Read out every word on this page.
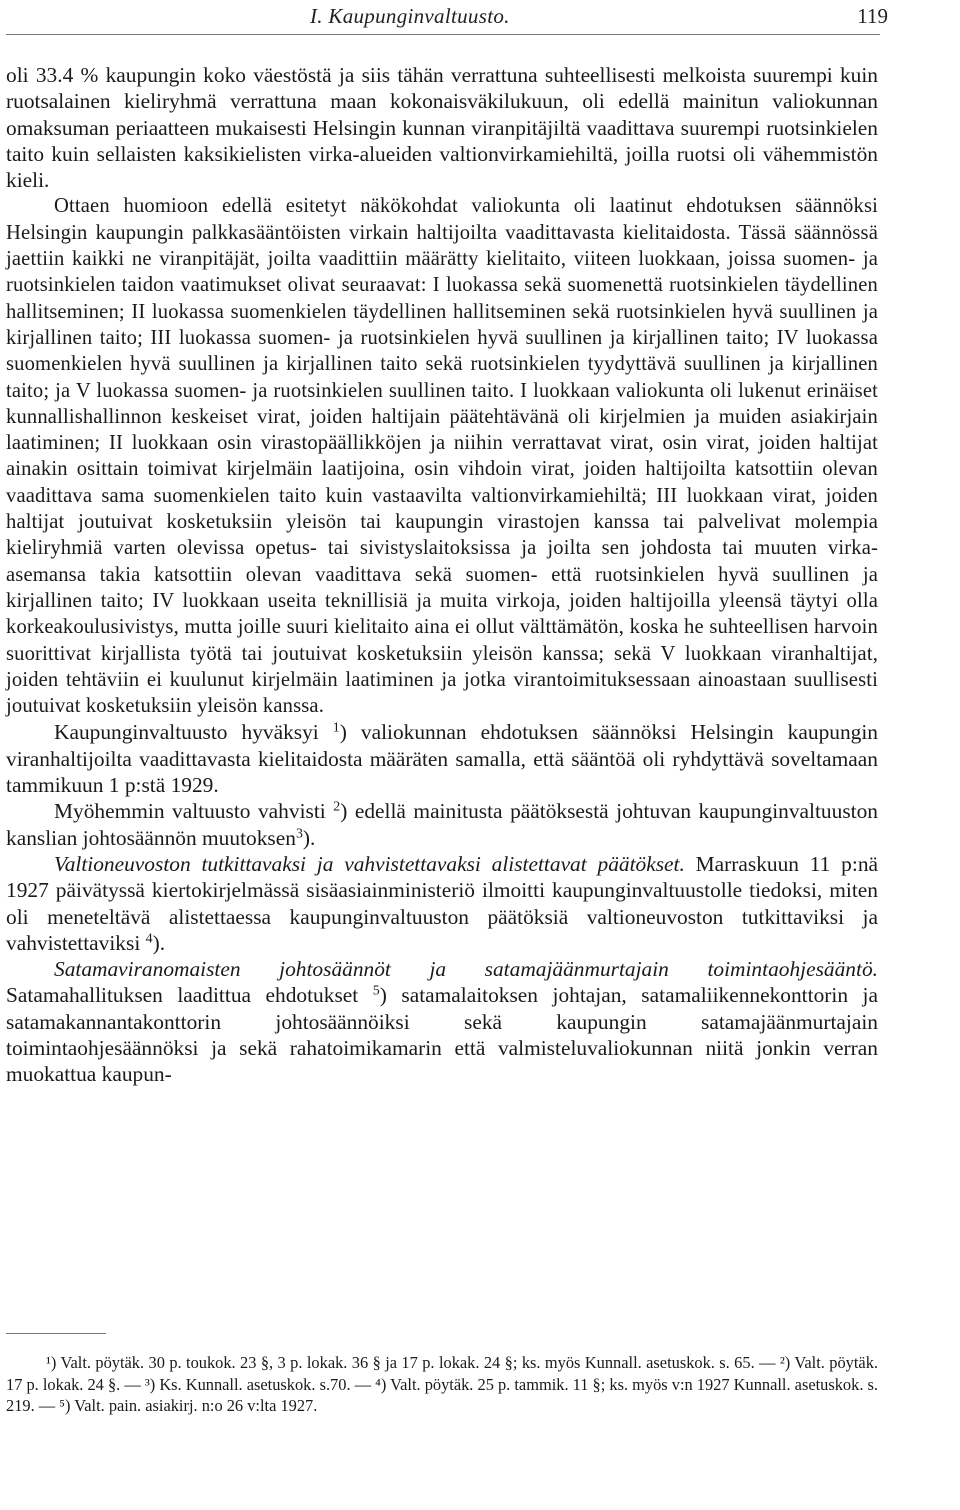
I. Kaupunginvaltuusto.	119

oli 33.4 % kaupungin koko väestöstä ja siis tähän verrattuna suhteellisesti melkoista suurempi kuin ruotsalainen kieliryhmä verrattuna maan kokonaisväkilukuun, oli edellä mainitun valiokunnan omaksuman periaatteen mukaisesti Helsingin kunnan viranpitäjiltä vaadittava suurempi ruotsinkielen taito kuin sellaisten kaksikielisten virka-alueiden valtionvirkamiehiltä, joilla ruotsi oli vähemmistön kieli.

Ottaen huomioon edellä esitetyt näkökohdat valiokunta oli laatinut ehdotuksen säännöksi Helsingin kaupungin palkkasääntöisten virkain haltijoilta vaadittavasta kielitaidosta. Tässä säännössä jaettiin kaikki ne viranpitäjät, joilta vaadittiin määrätty kielitaito, viiteen luokkaan, joissa suomen- ja ruotsinkielen taidon vaatimukset olivat seuraavat: I luokassa sekä suomenettä ruotsinkielen täydellinen hallitseminen; II luokassa suomenkielen täydellinen hallitseminen sekä ruotsinkielen hyvä suullinen ja kirjallinen taito; III luokassa suomen- ja ruotsinkielen hyvä suullinen ja kirjallinen taito; IV luokassa suomenkielen hyvä suullinen ja kirjallinen taito sekä ruotsinkielen tyydyttävä suullinen ja kirjallinen taito; ja V luokassa suomen- ja ruotsinkielen suullinen taito. I luokkaan valiokunta oli lukenut erinäiset kunnallishallinnon keskeiset virat, joiden haltijain päätehtävänä oli kirjelmien ja muiden asiakirjain laatiminen; II luokkaan osin virastopäällikköjen ja niihin verrattavat virat, osin virat, joiden haltijat ainakin osittain toimivat kirjelmäin laatijoina, osin vihdoin virat, joiden haltijoilta katsottiin olevan vaadittava sama suomenkielen taito kuin vastaavilta valtionvirkamiehiltä; III luokkaan virat, joiden haltijat joutuivat kosketuksiin yleisön tai kaupungin virastojen kanssa tai palvelivat molempia kieliryhmiä varten olevissa opetus- tai sivistyslaitoksissa ja joilta sen johdosta tai muuten virka-asemansa takia katsottiin olevan vaadittava sekä suomen- että ruotsinkielen hyvä suullinen ja kirjallinen taito; IV luokkaan useita teknillisiä ja muita virkoja, joiden haltijoilla yleensä täytyi olla korkeakoulusivistys, mutta joille suuri kielitaito aina ei ollut välttämätön, koska he suhteellisen harvoin suorittivat kirjallista työtä tai joutuivat kosketuksiin yleisön kanssa; sekä V luokkaan viranhaltijat, joiden tehtäviin ei kuulunut kirjelmäin laatiminen ja jotka virantoimituksessaan ainoastaan suullisesti joutuivat kosketuksiin yleisön kanssa.

Kaupunginvaltuusto hyväksyi $^1$) valiokunnan ehdotuksen säännöksi Helsingin kaupungin viranhaltijoilta vaadittavasta kielitaidosta määräten samalla, että sääntöä oli ryhdyttävä soveltamaan tammikuun 1 p:stä 1929.

Myöhemmin valtuusto vahvisti $^2$) edellä mainitusta päätöksestä johtuvan kaupunginvaltuuston kanslian johtosäännön muutoksen$^3$).

Valtioneuvoston tutkittavaksi ja vahvistettavaksi alistettavat päätökset. Marraskuun 11 p:nä 1927 päivätyssä kiertokirjelmässä sisäasiainministeriö ilmoitti kaupunginvaltuustolle tiedoksi, miten oli meneteltävä alistettaessa kaupunginvaltuuston päätöksiä valtioneuvoston tutkittaviksi ja vahvistettaviksi $^4$).

Satamaviranomaisten johtosäännöt ja satamajäänmurtajain toimintaohjesääntö. Satamahallituksen laadittua ehdotukset $^5$) satamalaitoksen johtajan, satamaliikennekonttorin ja satamakannantakonttorin johtosäännöiksi sekä kaupungin satamajäänmurtajain toimintaohjesäännöksi ja sekä rahatoimikamarin että valmisteluvaliokunnan niitä jonkin verran muokattua kaupun-

¹) Valt. pöytäk. 30 p. toukok. 23 §, 3 p. lokak. 36 § ja 17 p. lokak. 24 §; ks. myös Kunnall. asetuskok. s. 65. — ²) Valt. pöytäk. 17 p. lokak. 24 §. — ³) Ks. Kunnall. asetuskok. s.70. — ⁴) Valt. pöytäk. 25 p. tammik. 11 §; ks. myös v:n 1927 Kunnall. asetuskok. s. 219. — ⁵) Valt. pain. asiakirj. n:o 26 v:lta 1927.
